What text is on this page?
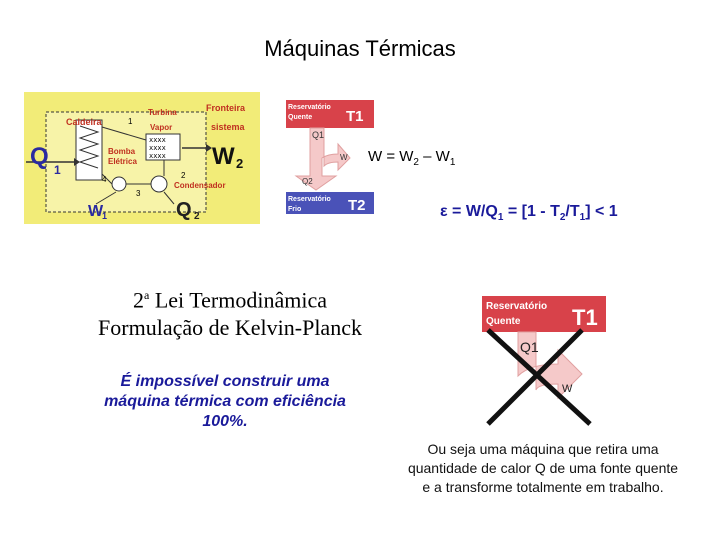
Máquinas Térmicas
xxxx
xxxx
xxxx
Caldeira
Turbina
Vapor
Fronteira
sistema
Bomba
Elétrica
Condensador
1
2
3
4
Q 1	W 2
W
1	Q 2
Reservatório
Quente T1
Q1
W
Q2
Reservatório
Frio	T2
$W = W_2 - W_1$
$\varepsilon = W/Q_1 = [1 - T_2/T_1] < 1$
2$^a$ Lei Termodinâmica
Formulação de Kelvin-Planck
É impossível construir uma máquina térmica com eficiência 100%.
Reservatório
Quente T1
Q1
W
Ou seja uma máquina que retira uma quantidade de calor Q de uma fonte quente e a transforme totalmente em trabalho.
